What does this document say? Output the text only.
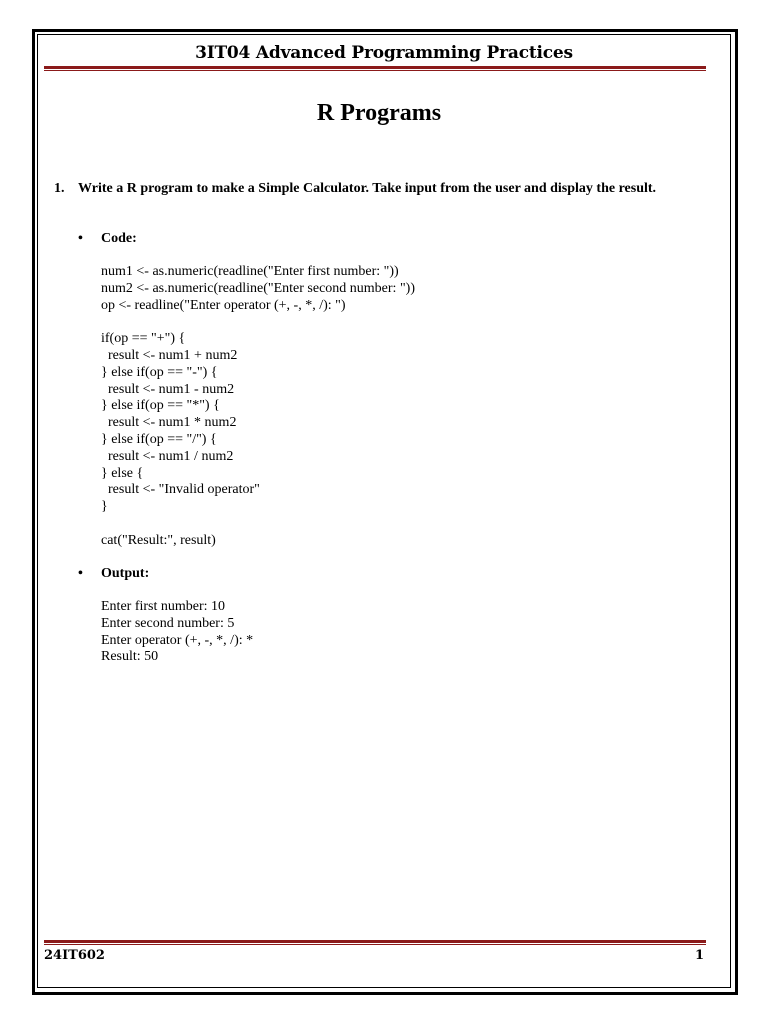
3IT04 Advanced Programming Practices
R Programs
1. Write a R program to make a Simple Calculator. Take input from the user and display the result.
• Code:
num1 <- as.numeric(readline("Enter first number: "))
num2 <- as.numeric(readline("Enter second number: "))
op <- readline("Enter operator (+, -, *, /): ")

if(op == "+") {
result <- num1 + num2
} else if(op == "-") {
result <- num1 - num2
} else if(op == "*") {
result <- num1 * num2
} else if(op == "/") {
result <- num1 / num2
} else {
result <- "Invalid operator"
}

cat("Result:", result)
• Output:
Enter first number: 10
Enter second number: 5
Enter operator (+, -, *, /): *
Result: 50
24IT602	1
